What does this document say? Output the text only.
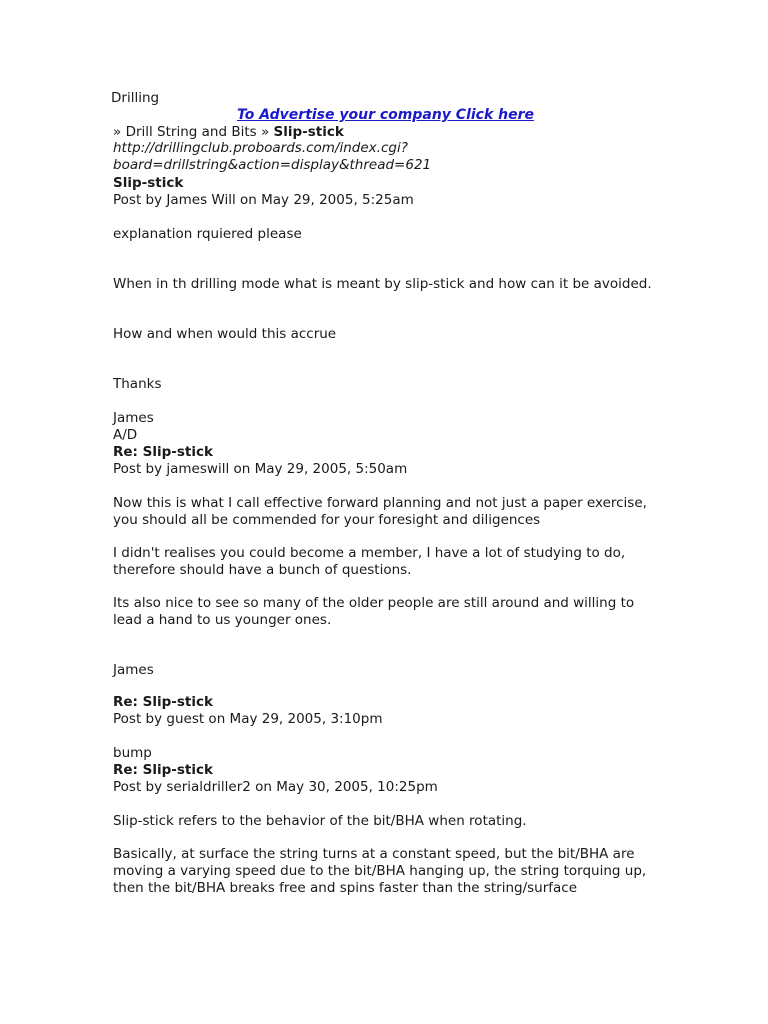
Drilling
To Advertise your company Click here
» Drill String and Bits » Slip-stick
http://drillingclub.proboards.com/index.cgi?
board=drillstring&action=display&thread=621
Slip-stick
Post by James Will on May 29, 2005, 5:25am
explanation rquiered please
When in th drilling mode what is meant by slip-stick and how can it be avoided.
How and when would this accrue
Thanks
James
A/D
Re: Slip-stick
Post by jameswill on May 29, 2005, 5:50am
Now this is what I call effective forward planning and not just a paper exercise, you should all be commended for your foresight and diligences
I didn't realises you could become a member, I have a lot of studying to do, therefore should have a bunch of questions.
Its also nice to see so many of the older people are still around and willing to lead a hand to us younger ones.
James
Re: Slip-stick
Post by guest on May 29, 2005, 3:10pm
bump
Re: Slip-stick
Post by serialdriller2 on May 30, 2005, 10:25pm
Slip-stick refers to the behavior of the bit/BHA when rotating.
Basically, at surface the string turns at a constant speed, but the bit/BHA are moving a varying speed due to the bit/BHA hanging up, the string torquing up, then the bit/BHA breaks free and spins faster than the string/surface
